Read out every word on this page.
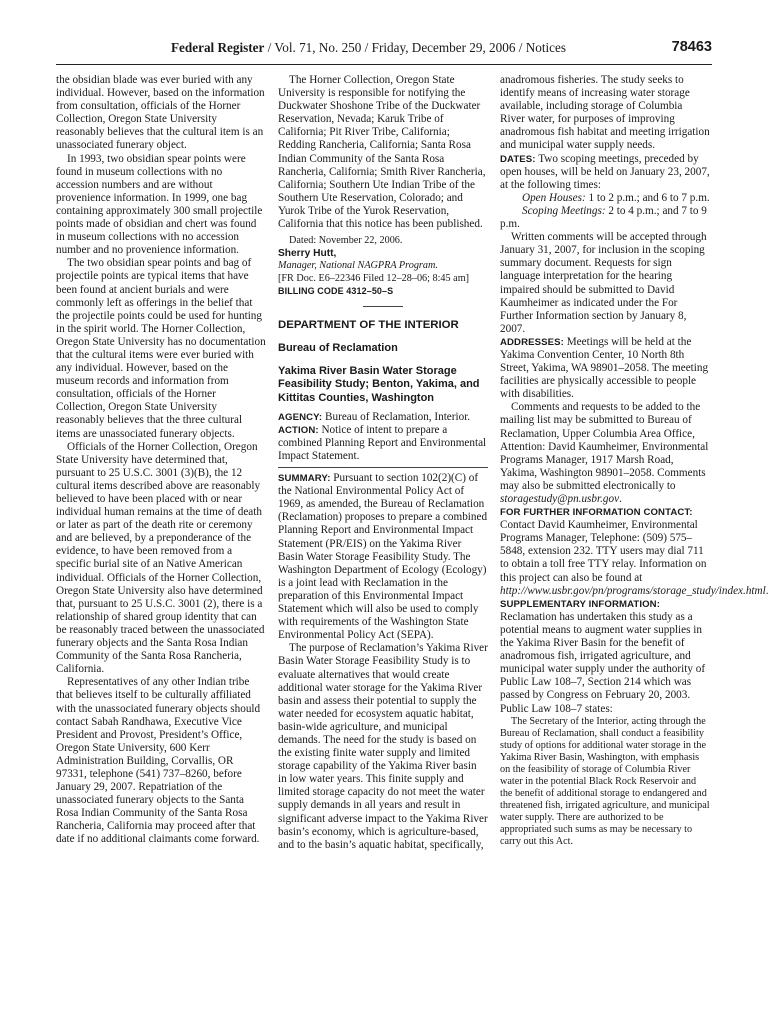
Federal Register / Vol. 71, No. 250 / Friday, December 29, 2006 / Notices	78463

the obsidian blade was ever buried with any individual. However, based on the information from consultation, officials of the Horner Collection, Oregon State University reasonably believes that the cultural item is an unassociated funerary object.

In 1993, two obsidian spear points were found in museum collections with no accession numbers and are without provenience information. In 1999, one bag containing approximately 300 small projectile points made of obsidian and chert was found in museum collections with no accession number and no provenience information.

The two obsidian spear points and bag of projectile points are typical items that have been found at ancient burials and were commonly left as offerings in the belief that the projectile points could be used for hunting in the spirit world. The Horner Collection, Oregon State University has no documentation that the cultural items were ever buried with any individual. However, based on the museum records and information from consultation, officials of the Horner Collection, Oregon State University reasonably believes that the three cultural items are unassociated funerary objects.

Officials of the Horner Collection, Oregon State University have determined that, pursuant to 25 U.S.C. 3001 (3)(B), the 12 cultural items described above are reasonably believed to have been placed with or near individual human remains at the time of death or later as part of the death rite or ceremony and are believed, by a preponderance of the evidence, to have been removed from a specific burial site of an Native American individual. Officials of the Horner Collection, Oregon State University also have determined that, pursuant to 25 U.S.C. 3001 (2), there is a relationship of shared group identity that can be reasonably traced between the unassociated funerary objects and the Santa Rosa Indian Community of the Santa Rosa Rancheria, California.

Representatives of any other Indian tribe that believes itself to be culturally affiliated with the unassociated funerary objects should contact Sabah Randhawa, Executive Vice President and Provost, President’s Office, Oregon State University, 600 Kerr Administration Building, Corvallis, OR 97331, telephone (541) 737–8260, before January 29, 2007. Repatriation of the unassociated funerary objects to the Santa Rosa Indian Community of the Santa Rosa Rancheria, California may proceed after that date if no additional claimants come forward.

The Horner Collection, Oregon State University is responsible for notifying the Duckwater Shoshone Tribe of the Duckwater Reservation, Nevada; Karuk Tribe of California; Pit River Tribe, California; Redding Rancheria, California; Santa Rosa Indian Community of the Santa Rosa Rancheria, California; Smith River Rancheria, California; Southern Ute Indian Tribe of the Southern Ute Reservation, Colorado; and Yurok Tribe of the Yurok Reservation, California that this notice has been published.

Dated: November 22, 2006.

Sherry Hutt,

Manager, National NAGPRA Program.

[FR Doc. E6–22346 Filed 12–28–06; 8:45 am]

BILLING CODE 4312–50–S

DEPARTMENT OF THE INTERIOR

Bureau of Reclamation

Yakima River Basin Water Storage Feasibility Study; Benton, Yakima, and Kittitas Counties, Washington

AGENCY: Bureau of Reclamation, Interior.

ACTION: Notice of intent to prepare a combined Planning Report and Environmental Impact Statement.

SUMMARY: Pursuant to section 102(2)(C) of the National Environmental Policy Act of 1969, as amended, the Bureau of Reclamation (Reclamation) proposes to prepare a combined Planning Report and Environmental Impact Statement (PR/EIS) on the Yakima River Basin Water Storage Feasibility Study. The Washington Department of Ecology (Ecology) is a joint lead with Reclamation in the preparation of this Environmental Impact Statement which will also be used to comply with requirements of the Washington State Environmental Policy Act (SEPA).

The purpose of Reclamation’s Yakima River Basin Water Storage Feasibility Study is to evaluate alternatives that would create additional water storage for the Yakima River basin and assess their potential to supply the water needed for ecosystem aquatic habitat, basin-wide agriculture, and municipal demands. The need for the study is based on the existing finite water supply and limited storage capability of the Yakima River basin in low water years. This finite supply and limited storage capacity do not meet the water supply demands in all years and result in significant adverse impact to the Yakima River basin’s economy, which is agriculture-based, and to the basin’s aquatic habitat, specifically,

anadromous fisheries. The study seeks to identify means of increasing water storage available, including storage of Columbia River water, for purposes of improving anadromous fish habitat and meeting irrigation and municipal water supply needs.

DATES: Two scoping meetings, preceded by open houses, will be held on January 23, 2007, at the following times:

Open Houses: 1 to 2 p.m.; and 6 to 7 p.m.

Scoping Meetings: 2 to 4 p.m.; and 7 to 9 p.m.

Written comments will be accepted through January 31, 2007, for inclusion in the scoping summary document. Requests for sign language interpretation for the hearing impaired should be submitted to David Kaumheimer as indicated under the For Further Information section by January 8, 2007.

ADDRESSES: Meetings will be held at the Yakima Convention Center, 10 North 8th Street, Yakima, WA 98901–2058. The meeting facilities are physically accessible to people with disabilities.

Comments and requests to be added to the mailing list may be submitted to Bureau of Reclamation, Upper Columbia Area Office, Attention: David Kaumheimer, Environmental Programs Manager, 1917 Marsh Road, Yakima, Washington 98901–2058. Comments may also be submitted electronically to storagestudy@pn.usbr.gov.

FOR FURTHER INFORMATION CONTACT: Contact David Kaumheimer, Environmental Programs Manager, Telephone: (509) 575–5848, extension 232. TTY users may dial 711 to obtain a toll free TTY relay. Information on this project can also be found at http://www.usbr.gov/pn/programs/storage_study/index.html.

SUPPLEMENTARY INFORMATION: Reclamation has undertaken this study as a potential means to augment water supplies in the Yakima River Basin for the benefit of anadromous fish, irrigated agriculture, and municipal water supply under the authority of Public Law 108–7, Section 214 which was passed by Congress on February 20, 2003. Public Law 108–7 states:

The Secretary of the Interior, acting through the Bureau of Reclamation, shall conduct a feasibility study of options for additional water storage in the Yakima River Basin, Washington, with emphasis on the feasibility of storage of Columbia River water in the potential Black Rock Reservoir and the benefit of additional storage to endangered and threatened fish, irrigated agriculture, and municipal water supply. There are authorized to be appropriated such sums as may be necessary to carry out this Act.
